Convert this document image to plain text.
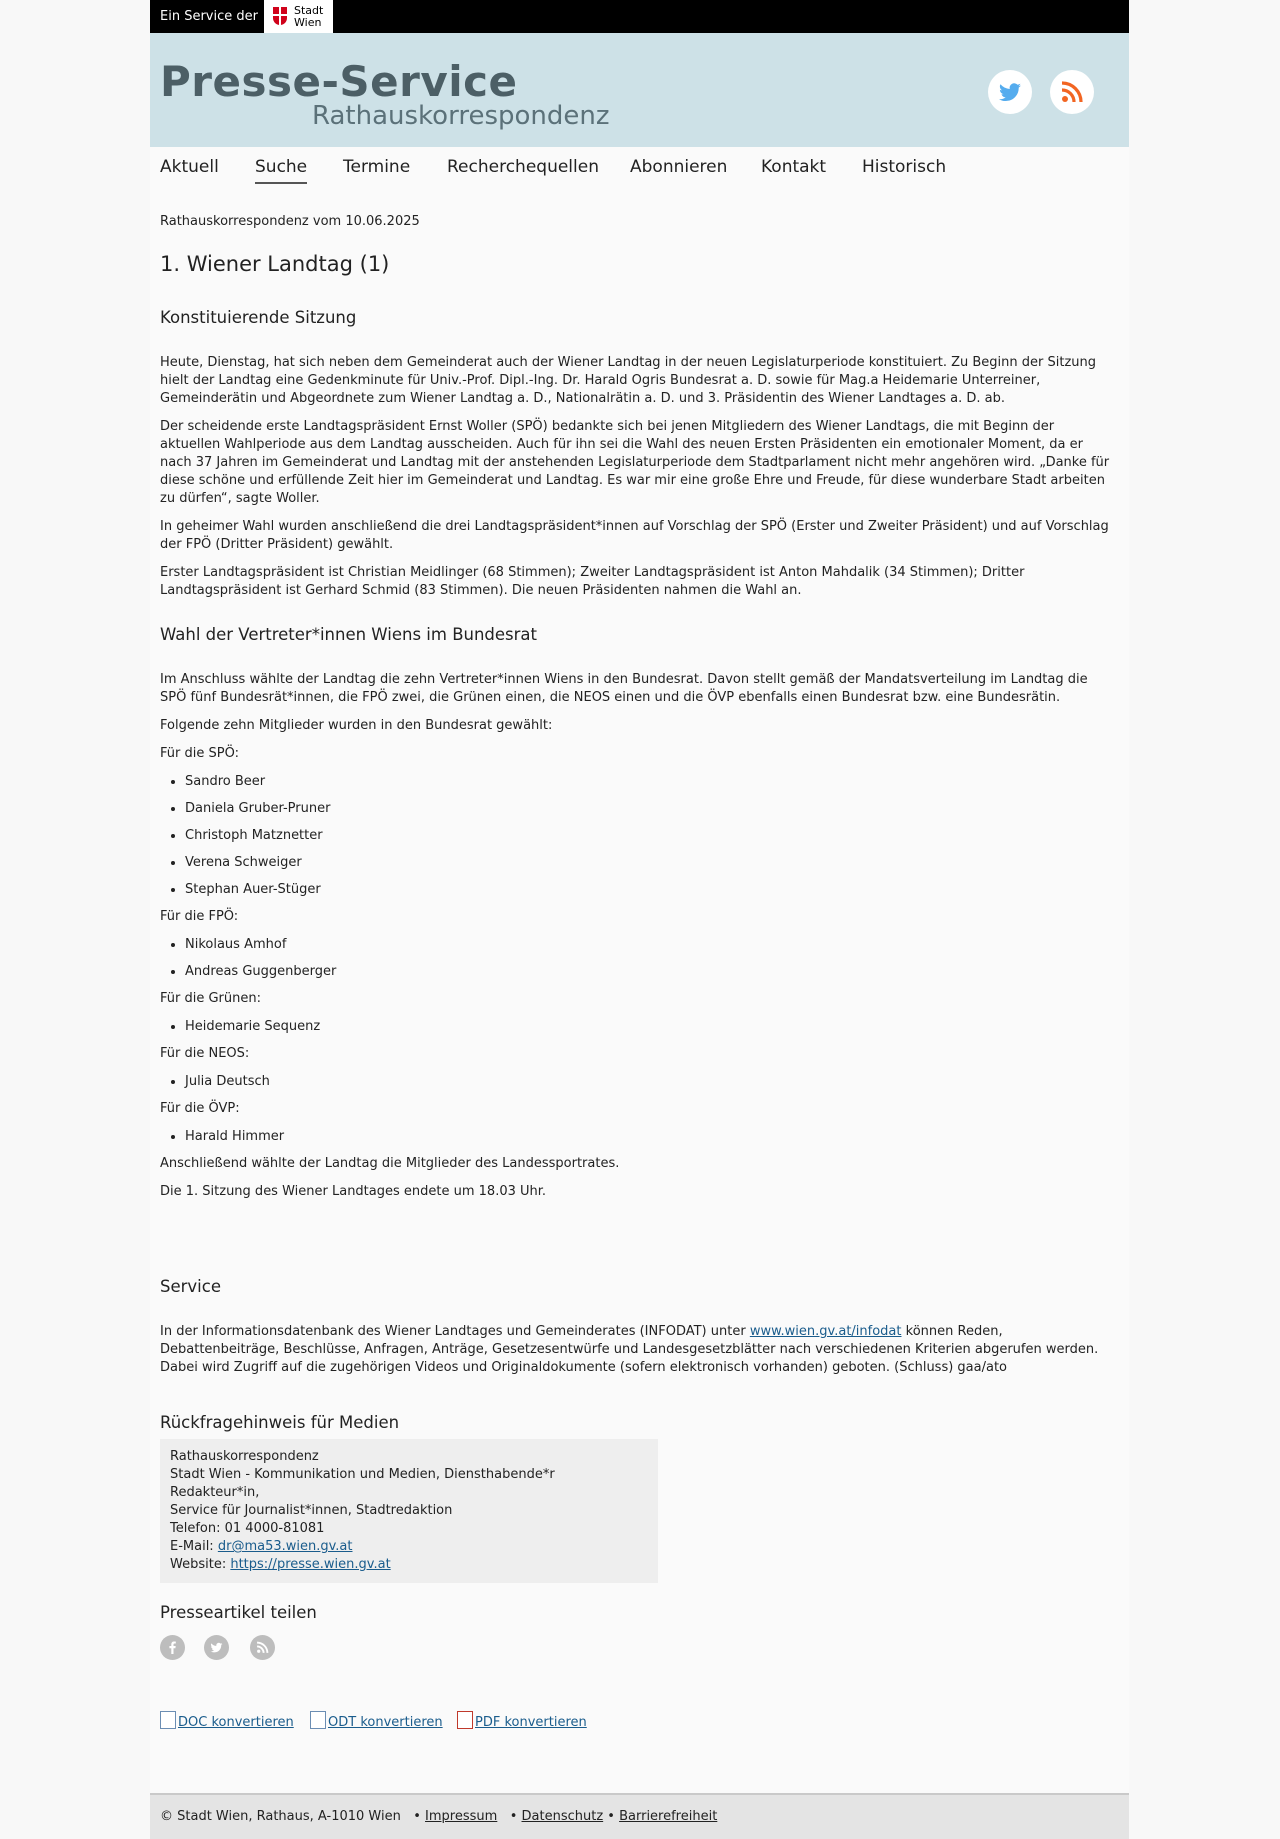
Ein Service der	Stadt
Wien
Presse-Service
Rathauskorrespondenz
Aktuell Suche Termine Recherchequellen Abonnieren Kontakt Historisch

Rathauskorrespondenz vom 10.06.2025

1. Wiener Landtag (1)
Konstituierende Sitzung

Heute, Dienstag, hat sich neben dem Gemeinderat auch der Wiener Landtag in der neuen Legislaturperiode konstituiert. Zu Beginn der Sitzung hielt der Landtag eine Gedenkminute für Univ.-Prof. Dipl.-Ing. Dr. Harald Ogris Bundesrat a. D. sowie für Mag.a Heidemarie Unterreiner, Gemeinderätin und Abgeordnete zum Wiener Landtag a. D., Nationalrätin a. D. und 3. Präsidentin des Wiener Landtages a. D. ab.

Der scheidende erste Landtagspräsident Ernst Woller (SPÖ) bedankte sich bei jenen Mitgliedern des Wiener Landtags, die mit Beginn der aktuellen Wahlperiode aus dem Landtag ausscheiden. Auch für ihn sei die Wahl des neuen Ersten Präsidenten ein emotionaler Moment, da er nach 37 Jahren im Gemeinderat und Landtag mit der anstehenden Legislaturperiode dem Stadtparlament nicht mehr angehören wird. „Danke für diese schöne und erfüllende Zeit hier im Gemeinderat und Landtag. Es war mir eine große Ehre und Freude, für diese wunderbare Stadt arbeiten zu dürfen“, sagte Woller.

In geheimer Wahl wurden anschließend die drei Landtagspräsident*innen auf Vorschlag der SPÖ (Erster und Zweiter Präsident) und auf Vorschlag der FPÖ (Dritter Präsident) gewählt.

Erster Landtagspräsident ist Christian Meidlinger (68 Stimmen); Zweiter Landtagspräsident ist Anton Mahdalik (34 Stimmen); Dritter Landtagspräsident ist Gerhard Schmid (83 Stimmen). Die neuen Präsidenten nahmen die Wahl an.

Wahl der Vertreter*innen Wiens im Bundesrat

Im Anschluss wählte der Landtag die zehn Vertreter*innen Wiens in den Bundesrat. Davon stellt gemäß der Mandatsverteilung im Landtag die SPÖ fünf Bundesrät*innen, die FPÖ zwei, die Grünen einen, die NEOS einen und die ÖVP ebenfalls einen Bundesrat bzw. eine Bundesrätin.

Folgende zehn Mitglieder wurden in den Bundesrat gewählt:

Für die SPÖ:

• Sandro Beer
• Daniela Gruber-Pruner
• Christoph Matznetter
• Verena Schweiger
• Stephan Auer-Stüger

Für die FPÖ:

• Nikolaus Amhof
• Andreas Guggenberger

Für die Grünen:

• Heidemarie Sequenz

Für die NEOS:

• Julia Deutsch

Für die ÖVP:

• Harald Himmer

Anschließend wählte der Landtag die Mitglieder des Landessportrates.

Die 1. Sitzung des Wiener Landtages endete um 18.03 Uhr.

Service

In der Informationsdatenbank des Wiener Landtages und Gemeinderates (INFODAT) unter www.wien.gv.at/infodat können Reden, Debattenbeiträge, Beschlüsse, Anfragen, Anträge, Gesetzesentwürfe und Landesgesetzblätter nach verschiedenen Kriterien abgerufen werden. Dabei wird Zugriff auf die zugehörigen Videos und Originaldokumente (sofern elektronisch vorhanden) geboten. (Schluss) gaa/ato

Rückfragehinweis für Medien
Rathauskorrespondenz
Stadt Wien - Kommunikation und Medien, Diensthabende*r Redakteur*in,
Service für Journalist*innen, Stadtredaktion
Telefon: 01 4000-81081
E-Mail: dr@ma53.wien.gv.at
Website: https://presse.wien.gv.at
Presseartikel teilen
DOC konvertieren	ODT konvertieren	PDF konvertieren
© Stadt Wien, Rathaus, A-1010 Wien   • Impressum   • Datenschutz • Barrierefreiheit
